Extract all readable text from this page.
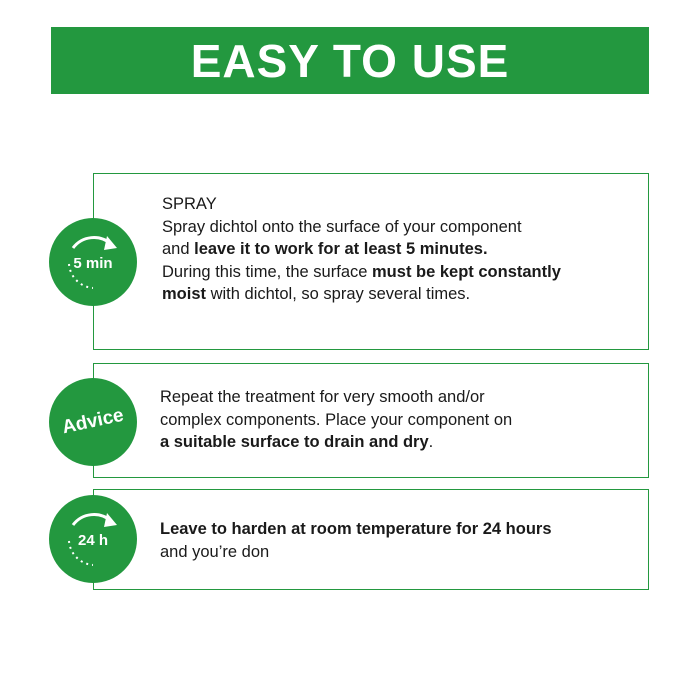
EASY TO USE
5 min
SPRAY
Spray dichtol onto the surface of your component
and leave it to work for at least 5 minutes.
During this time, the surface must be kept constantly
moist with dichtol, so spray several times.
Advice
Repeat the treatment for very smooth and/or
complex components. Place your component on
a suitable surface to drain and dry.
24 h
Leave to harden at room temperature for 24 hours
and you’re don
